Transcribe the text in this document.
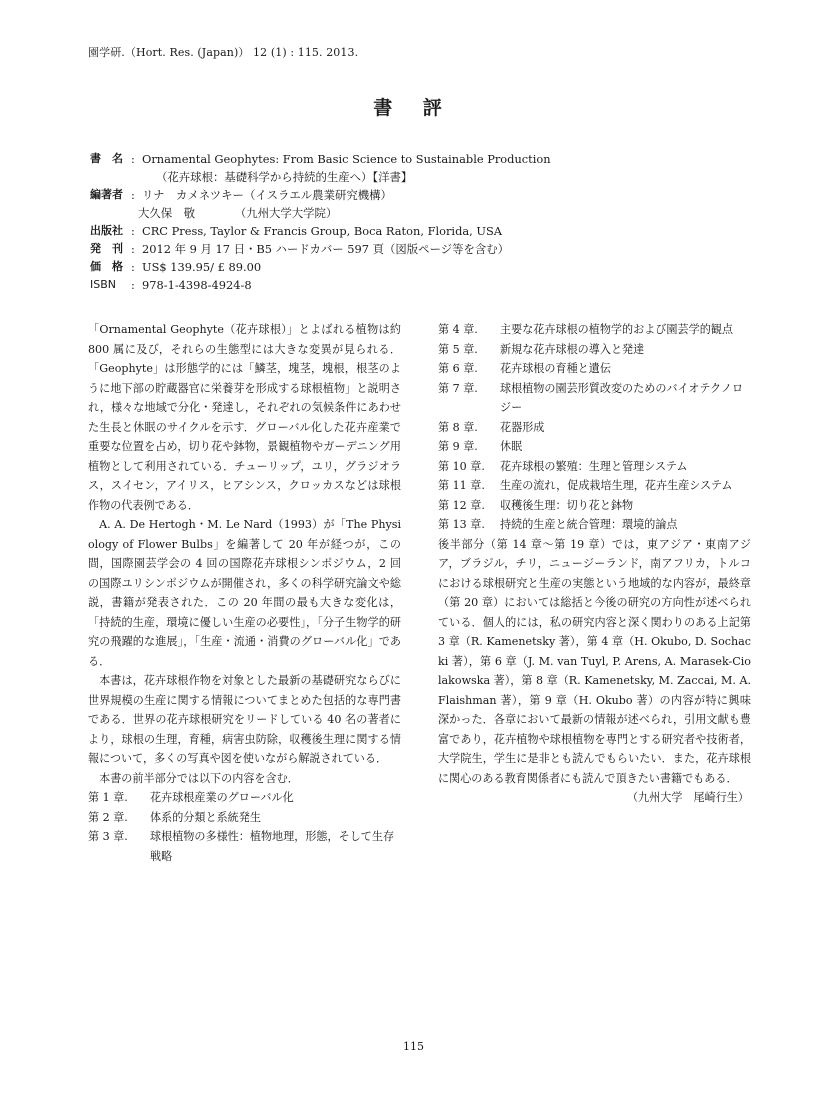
園学研.（Hort. Res. (Japan)） 12 (1) : 115. 2013.
書 評
書　名 : Ornamental Geophytes: From Basic Science to Sustainable Production
（花卉球根：基礎科学から持続的生産へ）【洋書】
編著者 : リナ　カメネツキー（イスラエル農業研究機構）
大久保　敬　　　　（九州大学大学院）
出版社 : CRC Press, Taylor & Francis Group, Boca Raton, Florida, USA
発　刊 : 2012 年 9 月 17 日・B5 ハードカバー 597 頁（図版ページ等を含む）
価　格 : US$ 139.95/ £ 89.00
ISBN : 978-1-4398-4924-8

「Ornamental Geophyte（花卉球根）」とよばれる植物は約 800 属に及び，それらの生態型には大きな変異が見られる．「Geophyte」は形態学的には「鱗茎，塊茎，塊根，根茎のように地下部の貯蔵器官に栄養芽を形成する球根植物」と説明され，様々な地域で分化・発達し，それぞれの気候条件にあわせた生長と休眠のサイクルを示す．グローバル化した花卉産業で重要な位置を占め，切り花や鉢物，景観植物やガーデニング用植物として利用されている．チューリップ，ユリ，グラジオラス，スイセン，アイリス，ヒアシンス，クロッカスなどは球根作物の代表例である．

A. A. De Hertogh・M. Le Nard（1993）が「The Physiology of Flower Bulbs」を編著して 20 年が経つが，この間，国際園芸学会の 4 回の国際花卉球根シンポジウム，2 回の国際ユリシンポジウムが開催され，多くの科学研究論文や総説，書籍が発表された．この 20 年間の最も大きな変化は，「持続的生産，環境に優しい生産の必要性」，「分子生物学的研究の飛躍的な進展」，「生産・流通・消費のグローバル化」である．

本書は，花卉球根作物を対象とした最新の基礎研究ならびに世界規模の生産に関する情報についてまとめた包括的な専門書である．世界の花卉球根研究をリードしている 40 名の著者により，球根の生理，育種，病害虫防除，収穫後生理に関する情報について，多くの写真や図を使いながら解説されている．

本書の前半部分では以下の内容を含む．

第 1 章. 花卉球根産業のグローバル化
第 2 章. 体系的分類と系統発生
第 3 章. 球根植物の多様性：植物地理，形態，そして生存戦略
第 4 章. 主要な花卉球根の植物学的および園芸学的観点
第 5 章. 新規な花卉球根の導入と発達
第 6 章. 花卉球根の育種と遺伝
第 7 章. 球根植物の園芸形質改変のためのバイオテクノロジー
第 8 章. 花器形成
第 9 章. 休眠
第 10 章. 花卉球根の繁殖：生理と管理システム
第 11 章. 生産の流れ，促成栽培生理，花卉生産システム
第 12 章. 収穫後生理：切り花と鉢物
第 13 章. 持続的生産と統合管理：環境的論点

後半部分（第 14 章〜第 19 章）では，東アジア・東南アジア，ブラジル，チリ，ニュージーランド，南アフリカ，トルコにおける球根研究と生産の実態という地域的な内容が，最終章（第 20 章）においては総括と今後の研究の方向性が述べられている．個人的には，私の研究内容と深く関わりのある上記第 3 章（R. Kamenetsky 著），第 4 章（H. Okubo, D. Sochacki 著），第 6 章（J. M. van Tuyl, P. Arens, A. Marasek-Ciolakowska 著），第 8 章（R. Kamenetsky, M. Zaccai, M. A. Flaishman 著），第 9 章（H. Okubo 著）の内容が特に興味深かった．各章において最新の情報が述べられ，引用文献も豊富であり，花卉植物や球根植物を専門とする研究者や技術者，大学院生，学生に是非とも読んでもらいたい．また，花卉球根に関心のある教育関係者にも読んで頂きたい書籍でもある．

（九州大学　尾崎行生）
115
